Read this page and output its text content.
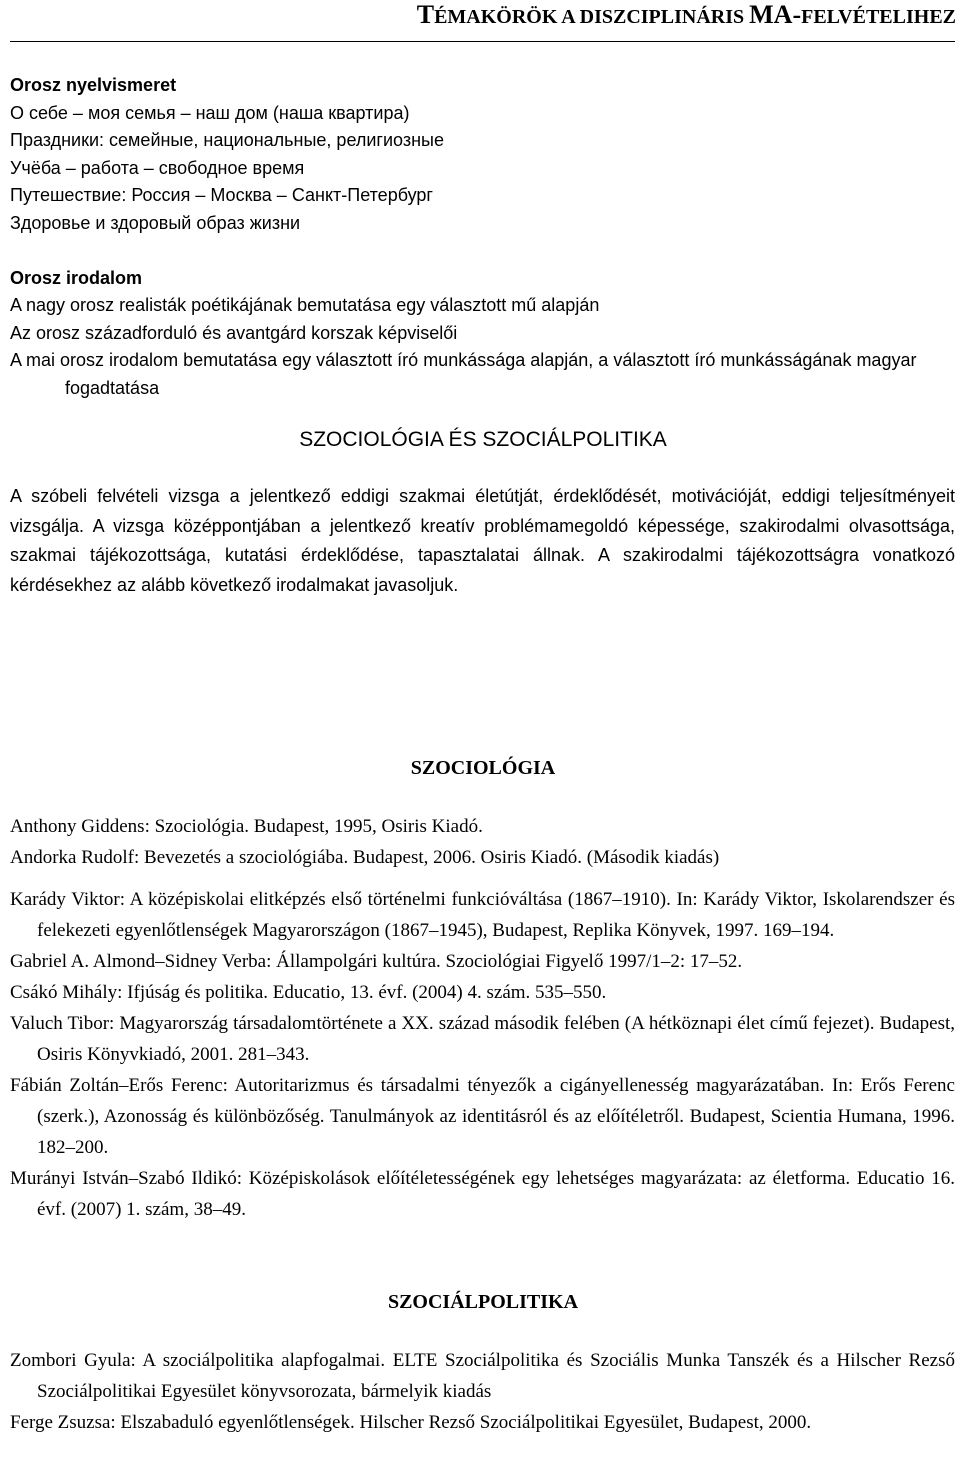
TÉMAKÖRÖK A DISZCIPLINÁRIS MA-FELVÉTELIHEZ
Orosz nyelvismeret
О себе – моя семья – наш дом (наша квартира)
Праздники: семейные, национальные, религиозные
Учёба – работа – свободное время
Путешествие: Россия – Москва – Санкт-Петербург
Здоровье и здоровый образ жизни
Orosz irodalom
A nagy orosz realisták poétikájának bemutatása egy választott mű alapján
Az orosz századforduló és avantgárd korszak képviselői
A mai orosz irodalom bemutatása egy választott író munkássága alapján, a választott író munkásságának magyar fogadtatása
SZOCIOLÓGIA ÉS SZOCIÁLPOLITIKA
A szóbeli felvételi vizsga a jelentkező eddigi szakmai életútját, érdeklődését, motivációját, eddigi teljesítményeit vizsgálja. A vizsga középpontjában a jelentkező kreatív problémamegoldó képessége, szakirodalmi olvasottsága, szakmai tájékozottsága, kutatási érdeklődése, tapasztalatai állnak. A szakirodalmi tájékozottságra vonatkozó kérdésekhez az alább következő irodalmakat javasoljuk.
SZOCIOLÓGIA

Anthony Giddens: Szociológia. Budapest, 1995, Osiris Kiadó.

Andorka Rudolf: Bevezetés a szociológiába. Budapest, 2006. Osiris Kiadó. (Második kiadás)

Karády Viktor: A középiskolai elitképzés első történelmi funkcióváltása (1867–1910). In: Karády Viktor, Iskolarendszer és felekezeti egyenlőtlenségek Magyarországon (1867–1945), Budapest, Replika Könyvek, 1997. 169–194.

Gabriel A. Almond–Sidney Verba: Állampolgári kultúra. Szociológiai Figyelő 1997/1–2: 17–52.

Csákó Mihály: Ifjúság és politika. Educatio, 13. évf. (2004) 4. szám. 535–550.

Valuch Tibor: Magyarország társadalomtörténete a XX. század második felében (A hétköznapi élet című fejezet). Budapest, Osiris Könyvkiadó, 2001. 281–343.

Fábián Zoltán–Erős Ferenc: Autoritarizmus és társadalmi tényezők a cigányellenesség magyarázatában. In: Erős Ferenc (szerk.), Azonosság és különbözőség. Tanulmányok az identitásról és az előítéletről. Budapest, Scientia Humana, 1996. 182–200.

Murányi István–Szabó Ildikó: Középiskolások előítéletességének egy lehetséges magyarázata: az életforma. Educatio 16. évf. (2007) 1. szám, 38–49.

SZOCIÁLPOLITIKA

Zombori Gyula: A szociálpolitika alapfogalmai. ELTE Szociálpolitika és Szociális Munka Tanszék és a Hilscher Rezső Szociálpolitikai Egyesület könyvsorozata, bármelyik kiadás

Ferge Zsuzsa: Elszabaduló egyenlőtlenségek. Hilscher Rezső Szociálpolitikai Egyesület, Budapest, 2000.
